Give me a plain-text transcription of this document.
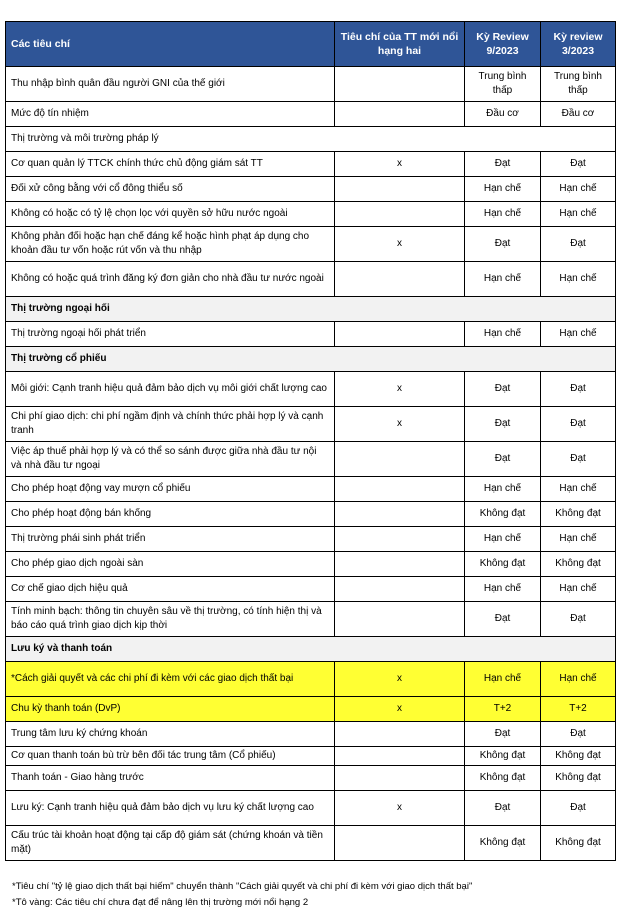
Các tiêu chí	Tiêu chí của TT mới nổi hạng hai	Kỳ Review 9/2023	Kỳ review 3/2023
Thu nhập bình quân đầu người GNI của thế giới		Trung bình thấp	Trung bình thấp
Mức độ tín nhiệm		Đầu cơ	Đầu cơ
Thị trường và môi trường pháp lý			
Cơ quan quản lý TTCK chính thức chủ động giám sát TT	x	Đạt	Đạt
Đối xử công bằng với cổ đông thiểu số		Hạn chế	Hạn chế
Không có hoặc có tỷ lệ chọn lọc với quyền sở hữu nước ngoài		Hạn chế	Hạn chế
Không phản đối hoặc hạn chế đáng kể hoặc hình phạt áp dụng cho khoản đầu tư vốn hoặc rút vốn và thu nhập	x	Đạt	Đạt
Không có hoặc quá trình đăng ký đơn giản cho nhà đầu tư nước ngoài		Hạn chế	Hạn chế
Thị trường ngoại hối			
Thị trường ngoại hối phát triển		Hạn chế	Hạn chế
Thị trường cổ phiếu			
Môi giới: Cạnh tranh hiệu quả đảm bảo dịch vụ môi giới chất lượng cao	x	Đạt	Đạt
Chi phí giao dịch: chi phí ngầm định và chính thức phải hợp lý và cạnh tranh	x	Đạt	Đạt
Việc áp thuế phải hợp lý và có thể so sánh được giữa nhà đầu tư nội và nhà đầu tư ngoại		Đạt	Đạt
Cho phép hoạt động vay mượn cổ phiếu		Hạn chế	Hạn chế
Cho phép hoạt động bán khống		Không đạt	Không đạt
Thị trường phái sinh phát triển		Hạn chế	Hạn chế
Cho phép giao dịch ngoài sàn		Không đạt	Không đạt
Cơ chế giao dịch hiệu quả		Hạn chế	Hạn chế
Tính minh bạch: thông tin chuyên sâu về thị trường, có tính hiện thị và báo cáo quá trình giao dịch kịp thời		Đạt	Đạt
Lưu ký và thanh toán			
*Cách giải quyết và các chi phí đi kèm với các giao dịch thất bại	x	Hạn chế	Hạn chế
Chu kỳ thanh toán (DvP)	x	T+2	T+2
Trung tâm lưu ký chứng khoán		Đạt	Đạt
Cơ quan thanh toán bù trừ bên đối tác trung tâm (Cổ phiếu)		Không đạt	Không đạt
Thanh toán - Giao hàng trước		Không đạt	Không đạt
Lưu ký: Cạnh tranh hiệu quả đảm bảo dịch vụ lưu ký chất lượng cao	x	Đạt	Đạt
Cấu trúc tài khoản hoạt động tại cấp độ giám sát (chứng khoán và tiền mặt)		Không đạt	Không đạt
*Tiêu chí "tỷ lệ giao dịch thất bại hiếm" chuyển thành "Cách giải quyết và chi phí đi kèm với giao dịch thất bại"
*Tô vàng: Các tiêu chí chưa đạt để nâng lên thị trường mới nổi hạng 2
